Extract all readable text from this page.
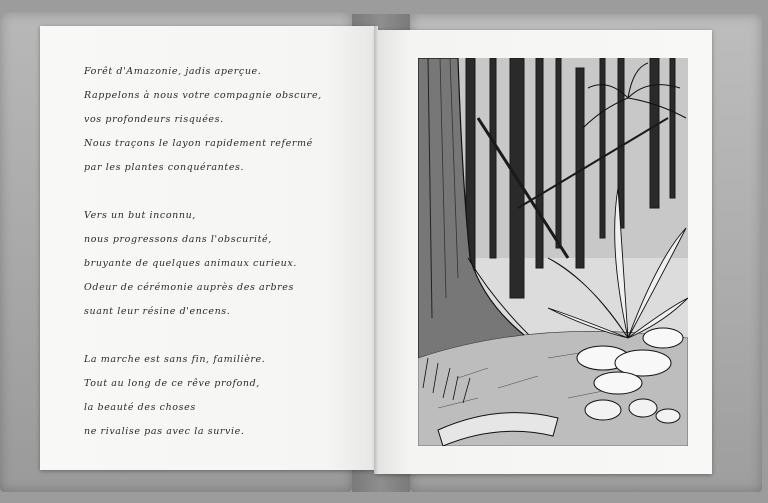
Forêt d'Amazonie, jadis aperçue.
Rappelons à nous votre compagnie obscure,
vos profondeurs risquées.
Nous traçons le layon rapidement refermé
par les plantes conquérantes.
Vers un but inconnu,
nous progressons dans l'obscurité,
bruyante de quelques animaux curieux.
Odeur de cérémonie auprès des arbres
suant leur résine d'encens.
La marche est sans fin, familière.
Tout au long de ce rêve profond,
la beauté des choses
ne rivalise pas avec la survie.
